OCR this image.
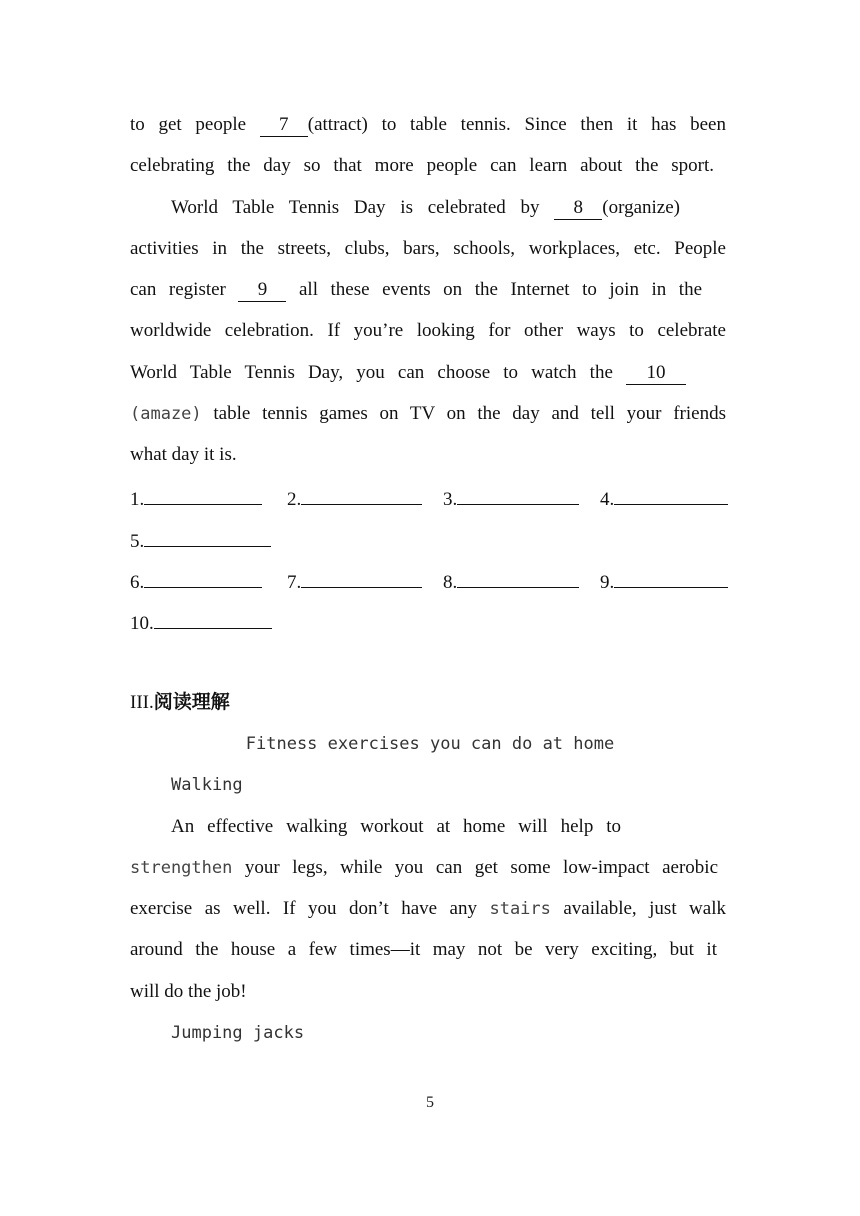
to get people 7 (attract) to table tennis. Since then it has been
celebrating the day so that more people can learn about the sport.
World Table Tennis Day is celebrated by 8 (organize)
activities in the streets, clubs, bars, schools, workplaces, etc. People
can register 9 all these events on the Internet to join in the
worldwide celebration. If you’re looking for other ways to celebrate
World Table Tennis Day, you can choose to watch the 10
(amaze) table tennis games on TV on the day and tell your friends
what day it is.
1.	2.	3.	4.
5.
6.	7.	8.	9.
10.
III.阅读理解
Fitness exercises you can do at home
Walking
An effective walking workout at home will help to
strengthen your legs, while you can get some low-impact aerobic
exercise as well. If you don’t have any stairs available, just walk
around the house a few times—it may not be very exciting, but it
will do the job!
Jumping jacks
5
